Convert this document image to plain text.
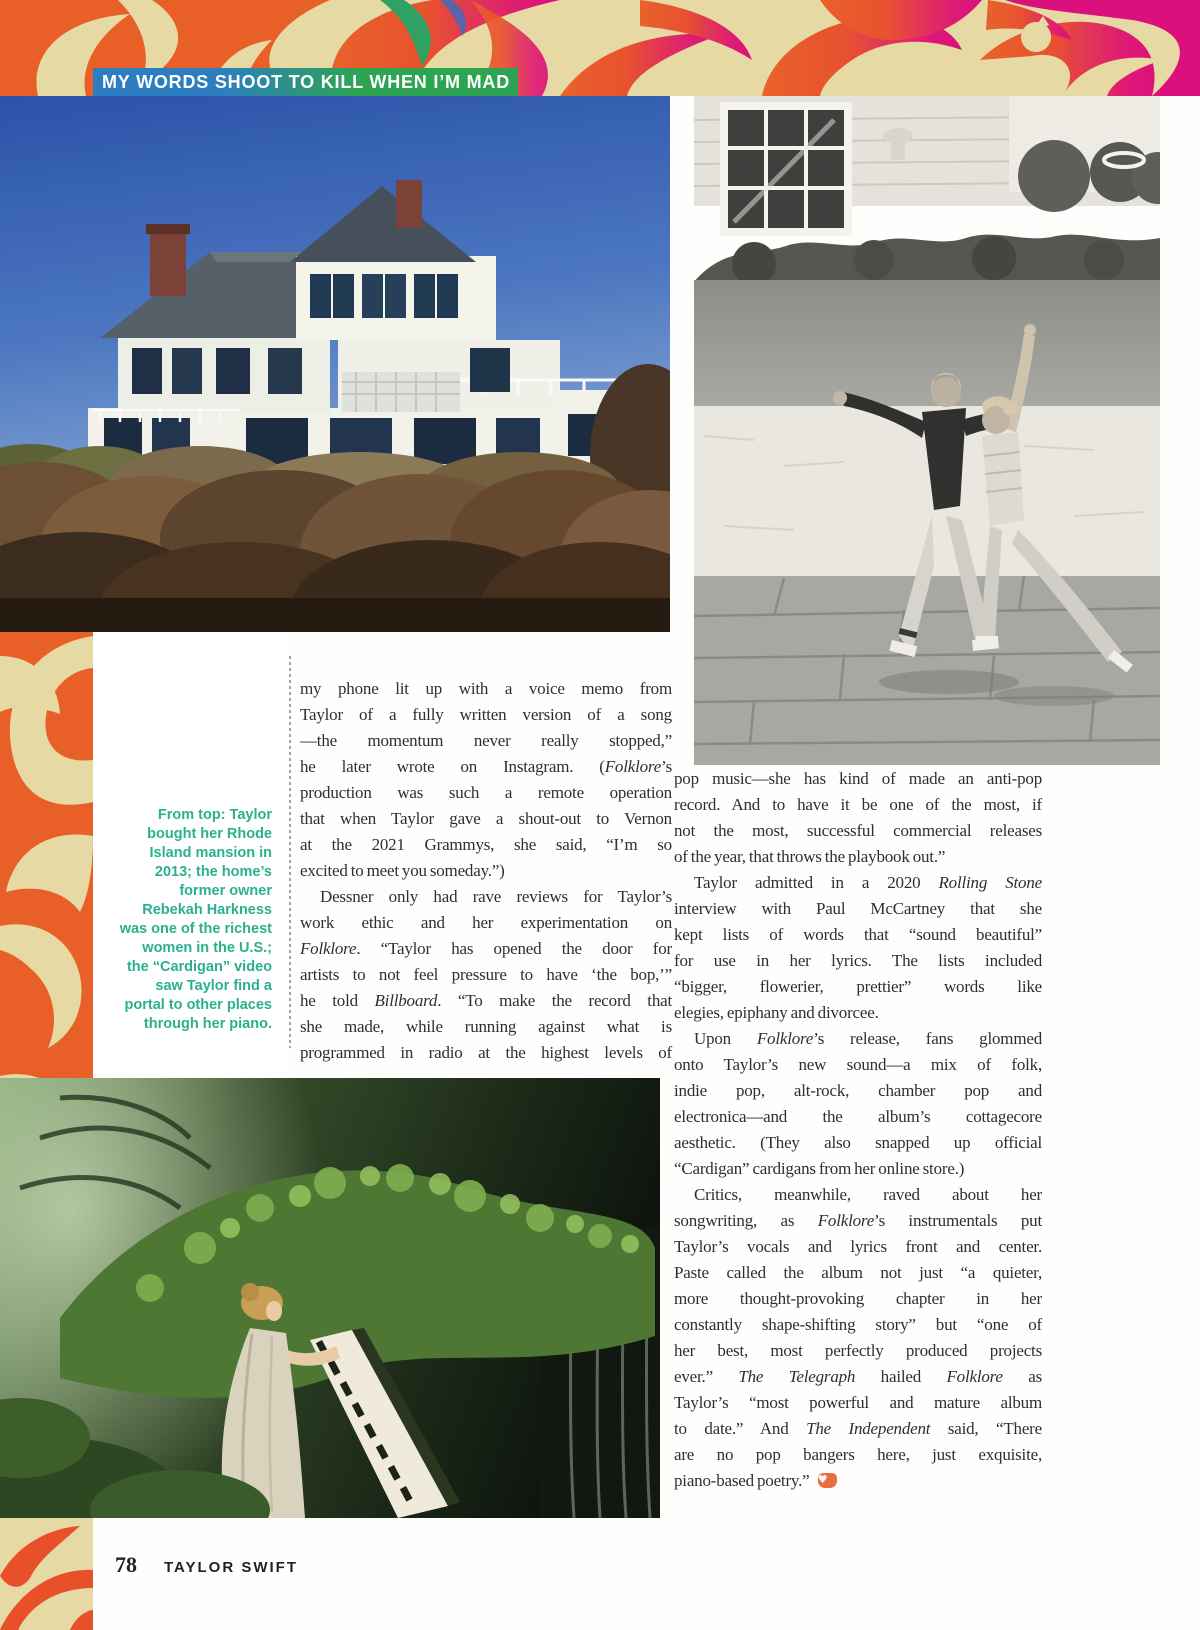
MY WORDS SHOOT TO KILL WHEN I’M MAD
From top: Taylor
bought her Rhode
Island mansion in
2013; the home’s
former owner
Rebekah Harkness
was one of the richest
women in the U.S.;
the “Cardigan” video
saw Taylor find a
portal to other places
through her piano.
my phone lit up with a voice memo from
Taylor of a fully written version of a song
—the momentum never really stopped,”
he later wrote on Instagram. (Folklore’s
production was such a remote operation
that when Taylor gave a shout-out to Vernon
at the 2021 Grammys, she said, “I’m so
excited to meet you someday.”)
Dessner only had rave reviews for Taylor’s
work ethic and her experimentation on
Folklore. “Taylor has opened the door for
artists to not feel pressure to have ‘the bop,’”
he told Billboard. “To make the record that
she made, while running against what is
programmed in radio at the highest levels of
pop music—she has kind of made an anti-pop
record. And to have it be one of the most, if
not the most, successful commercial releases
of the year, that throws the playbook out.”
Taylor admitted in a 2020 Rolling Stone
interview with Paul McCartney that she
kept lists of words that “sound beautiful”
for use in her lyrics. The lists included
“bigger, flowerier, prettier” words like
elegies, epiphany and divorcee.
Upon Folklore’s release, fans glommed
onto Taylor’s new sound—a mix of folk,
indie pop, alt-rock, chamber pop and
electronica—and the album’s cottagecore
aesthetic. (They also snapped up official
“Cardigan” cardigans from her online store.)
Critics, meanwhile, raved about her
songwriting, as Folklore’s instrumentals put
Taylor’s vocals and lyrics front and center.
Paste called the album not just “a quieter,
more thought-provoking chapter in her
constantly shape-shifting story” but “one of
her best, most perfectly produced projects
ever.” The Telegraph hailed Folklore as
Taylor’s “most powerful and mature album
to date.” And The Independent said, “There
are no pop bangers here, just exquisite,
piano-based poetry.” ♥
78 TAYLOR SWIFT
